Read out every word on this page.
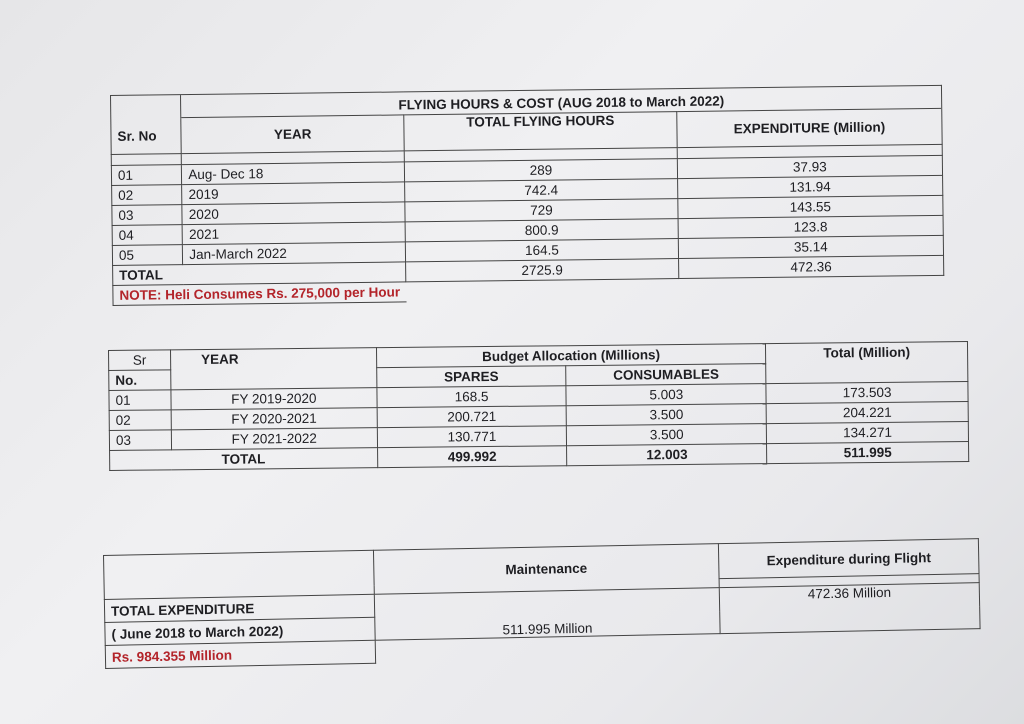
	FLYING HOURS & COST (AUG 2018 to March 2022)		
Sr. No	YEAR	TOTAL FLYING HOURS	EXPENDITURE (Million)

01	Aug- Dec 18	289	37.93
02	2019	742.4	131.94
03	2020	729	143.55
04	2021	800.9	123.8
05	Jan-March 2022	164.5	35.14
TOTAL		2725.9	472.36
NOTE: Heli Consumes Rs. 275,000 per Hour			
Sr	YEAR	Budget Allocation (Millions)		Total (Million)
No.		SPARES	CONSUMABLES	
01	FY 2019-2020	168.5	5.003	173.503
02	FY 2020-2021	200.721	3.500	204.221
03	FY 2021-2022	130.771	3.500	134.271
TOTAL		499.992	12.003	511.995
	Maintenance	Expenditure during Flight

TOTAL EXPENDITURE	511.995 Million	472.36 Million
( June 2018 to March 2022)		
Rs. 984.355 Million		
